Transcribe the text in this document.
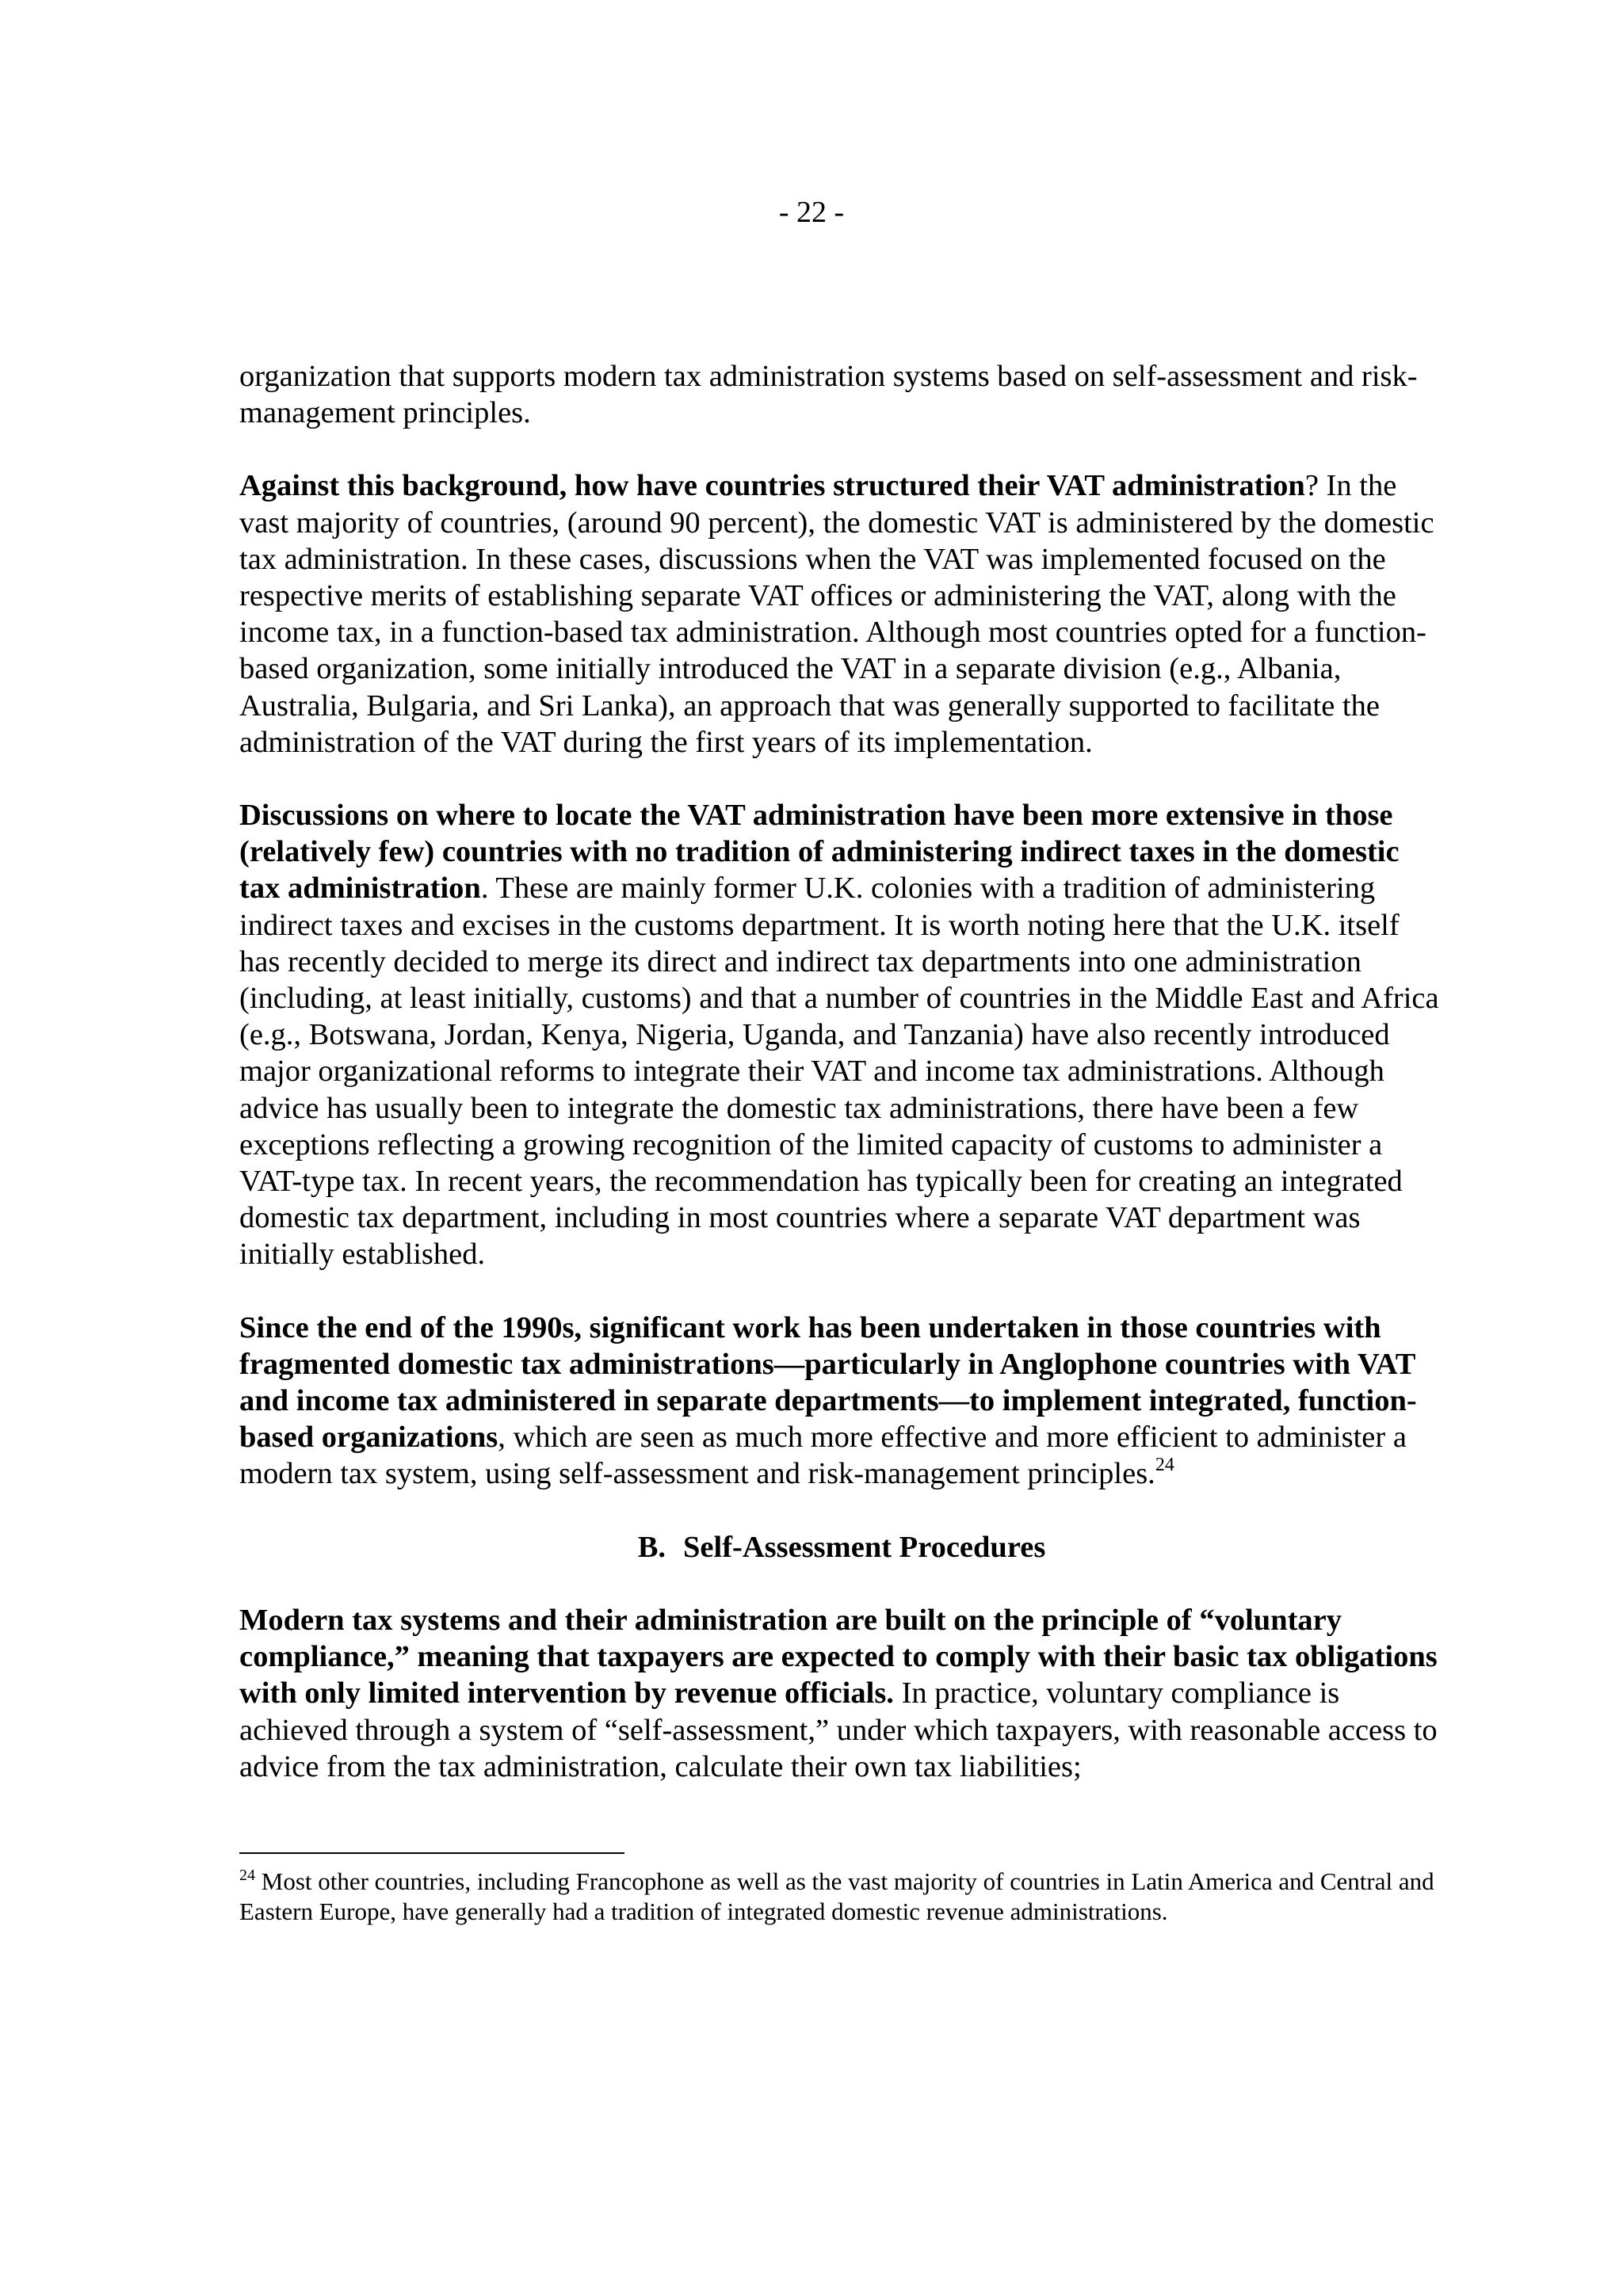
- 22 -

organization that supports modern tax administration systems based on self-assessment and risk-management principles.

Against this background, how have countries structured their VAT administration? In the vast majority of countries, (around 90 percent), the domestic VAT is administered by the domestic tax administration. In these cases, discussions when the VAT was implemented focused on the respective merits of establishing separate VAT offices or administering the VAT, along with the income tax, in a function-based tax administration. Although most countries opted for a function-based organization, some initially introduced the VAT in a separate division (e.g., Albania, Australia, Bulgaria, and Sri Lanka), an approach that was generally supported to facilitate the administration of the VAT during the first years of its implementation.

Discussions on where to locate the VAT administration have been more extensive in those (relatively few) countries with no tradition of administering indirect taxes in the domestic tax administration. These are mainly former U.K. colonies with a tradition of administering indirect taxes and excises in the customs department. It is worth noting here that the U.K. itself has recently decided to merge its direct and indirect tax departments into one administration (including, at least initially, customs) and that a number of countries in the Middle East and Africa (e.g., Botswana, Jordan, Kenya, Nigeria, Uganda, and Tanzania) have also recently introduced major organizational reforms to integrate their VAT and income tax administrations. Although advice has usually been to integrate the domestic tax administrations, there have been a few exceptions reflecting a growing recognition of the limited capacity of customs to administer a VAT-type tax. In recent years, the recommendation has typically been for creating an integrated domestic tax department, including in most countries where a separate VAT department was initially established.

Since the end of the 1990s, significant work has been undertaken in those countries with fragmented domestic tax administrations—particularly in Anglophone countries with VAT and income tax administered in separate departments—to implement integrated, function-based organizations, which are seen as much more effective and more efficient to administer a modern tax system, using self-assessment and risk-management principles.$^{24}$

B. Self-Assessment Procedures

Modern tax systems and their administration are built on the principle of “voluntary compliance,” meaning that taxpayers are expected to comply with their basic tax obligations with only limited intervention by revenue officials. In practice, voluntary compliance is achieved through a system of “self-assessment,” under which taxpayers, with reasonable access to advice from the tax administration, calculate their own tax liabilities;

$^{24}$ Most other countries, including Francophone as well as the vast majority of countries in Latin America and Central and Eastern Europe, have generally had a tradition of integrated domestic revenue administrations.
